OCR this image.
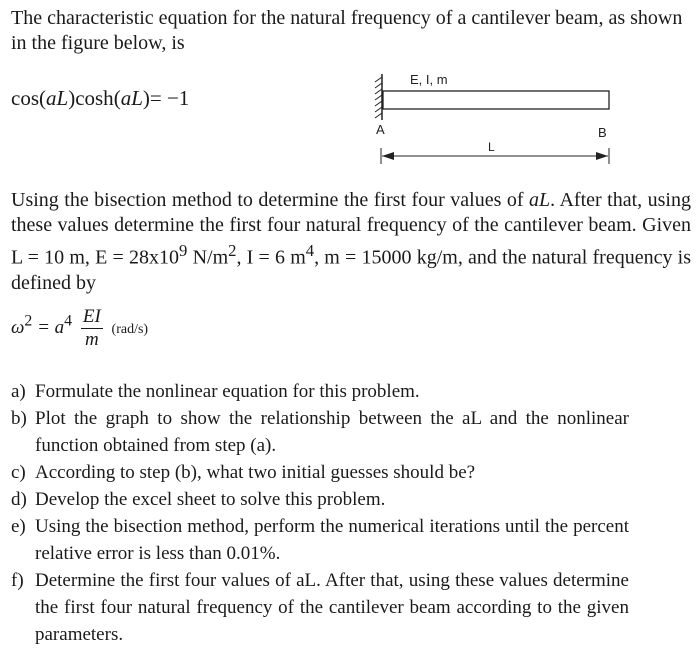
The characteristic equation for the natural frequency of a cantilever beam, as shown in the figure below, is
cos(aL)cosh(aL)= −1
E, I, m
A	B
L
Using the bisection method to determine the first four values of aL. After that, using these values determine the first four natural frequency of the cantilever beam. Given L = 10 m, $E = 28x10^9$ $N/m^2$, I = 6 $m^4$, m = 15000 kg/m, and the natural frequency is defined by
$\omega^2 = a^4 \frac{EI}{m} (rad/s)$
a) Formulate the nonlinear equation for this problem.
b) Plot the graph to show the relationship between the aL and the nonlinear function obtained from step (a).
c) According to step (b), what two initial guesses should be?
d) Develop the excel sheet to solve this problem.
e) Using the bisection method, perform the numerical iterations until the percent relative error is less than 0.01%.
f) Determine the first four values of aL. After that, using these values determine the first four natural frequency of the cantilever beam according to the given parameters.
